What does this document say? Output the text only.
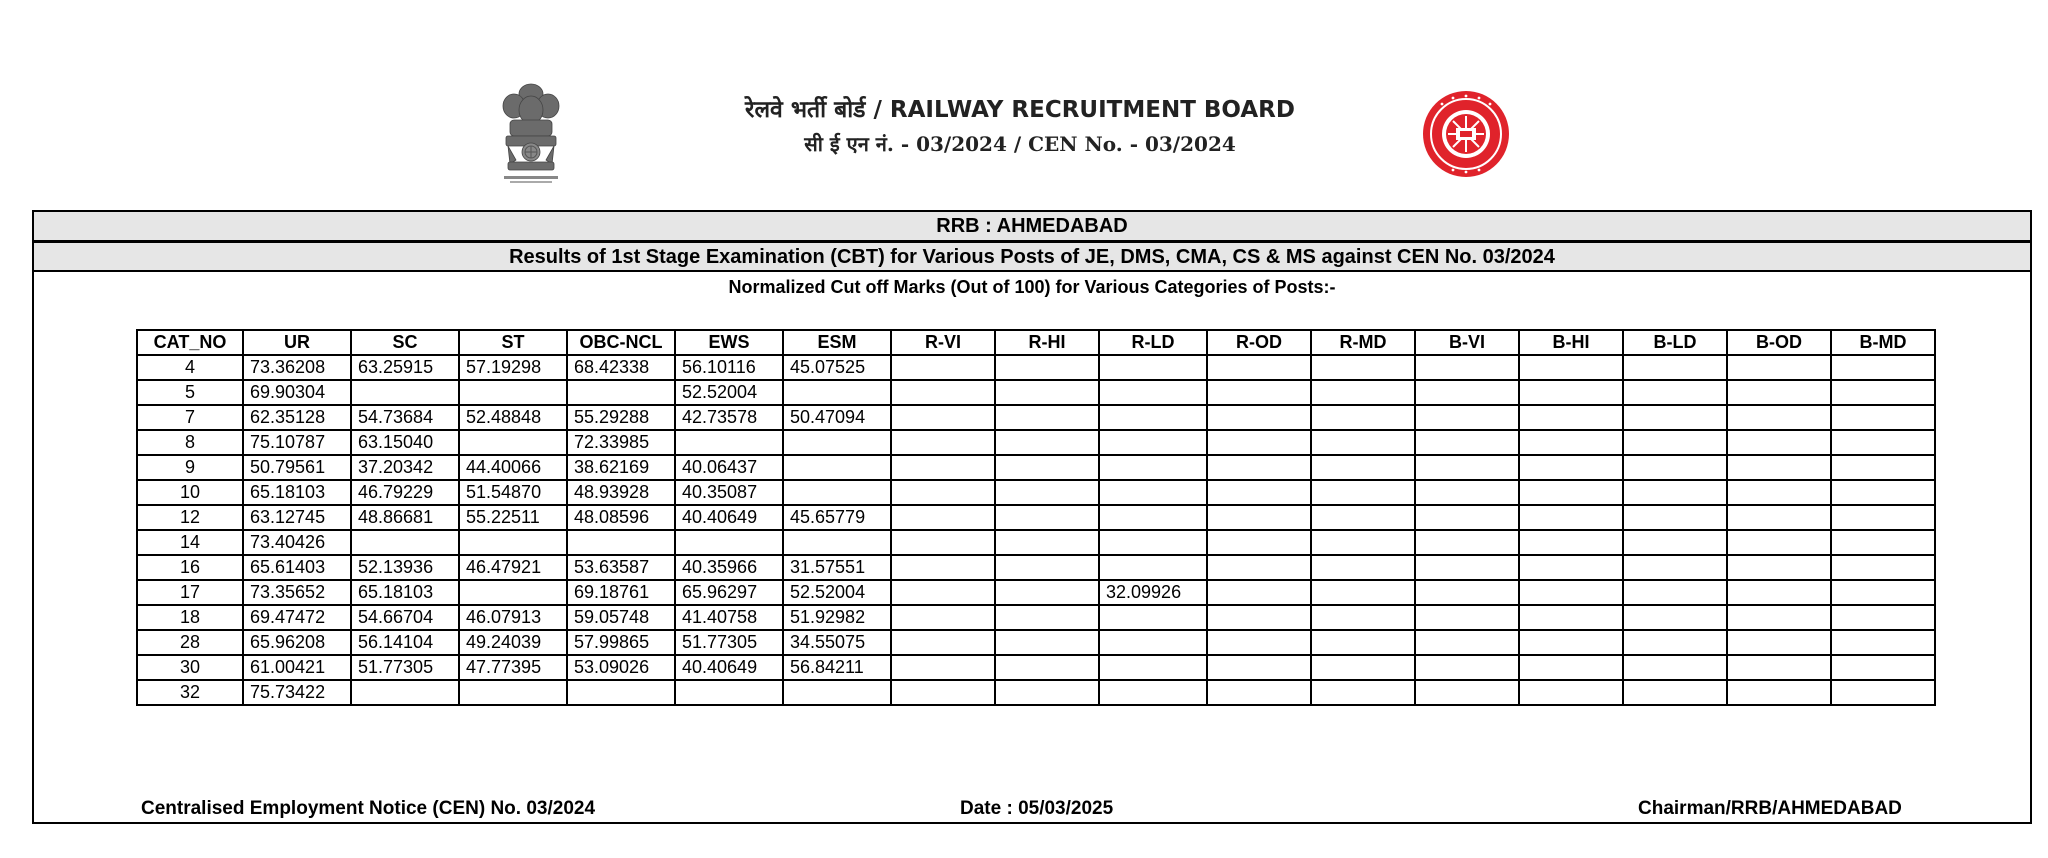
रेलवे भर्ती बोर्ड / RAILWAY RECRUITMENT BOARD
सी ई एन नं. - 03/2024 / CEN No. - 03/2024
RRB : AHMEDABAD
Results of 1st Stage Examination (CBT) for Various Posts of JE, DMS, CMA, CS & MS against CEN No. 03/2024
Normalized Cut off Marks (Out of 100) for Various Categories of Posts:-
CAT_NO	UR	SC	ST	OBC-NCL	EWS	ESM	R-VI	R-HI	R-LD	R-OD	R-MD	B-VI	B-HI	B-LD	B-OD	B-MD
4	73.36208	63.25915	57.19298	68.42338	56.10116	45.07525										
5	69.90304				52.52004											
7	62.35128	54.73684	52.48848	55.29288	42.73578	50.47094										
8	75.10787	63.15040		72.33985												
9	50.79561	37.20342	44.40066	38.62169	40.06437											
10	65.18103	46.79229	51.54870	48.93928	40.35087											
12	63.12745	48.86681	55.22511	48.08596	40.40649	45.65779										
14	73.40426															
16	65.61403	52.13936	46.47921	53.63587	40.35966	31.57551										
17	73.35652	65.18103		69.18761	65.96297	52.52004			32.09926							
18	69.47472	54.66704	46.07913	59.05748	41.40758	51.92982										
28	65.96208	56.14104	49.24039	57.99865	51.77305	34.55075										
30	61.00421	51.77305	47.77395	53.09026	40.40649	56.84211										
32	75.73422															
Centralised Employment Notice (CEN) No. 03/2024	Date : 05/03/2025	Chairman/RRB/AHMEDABAD
